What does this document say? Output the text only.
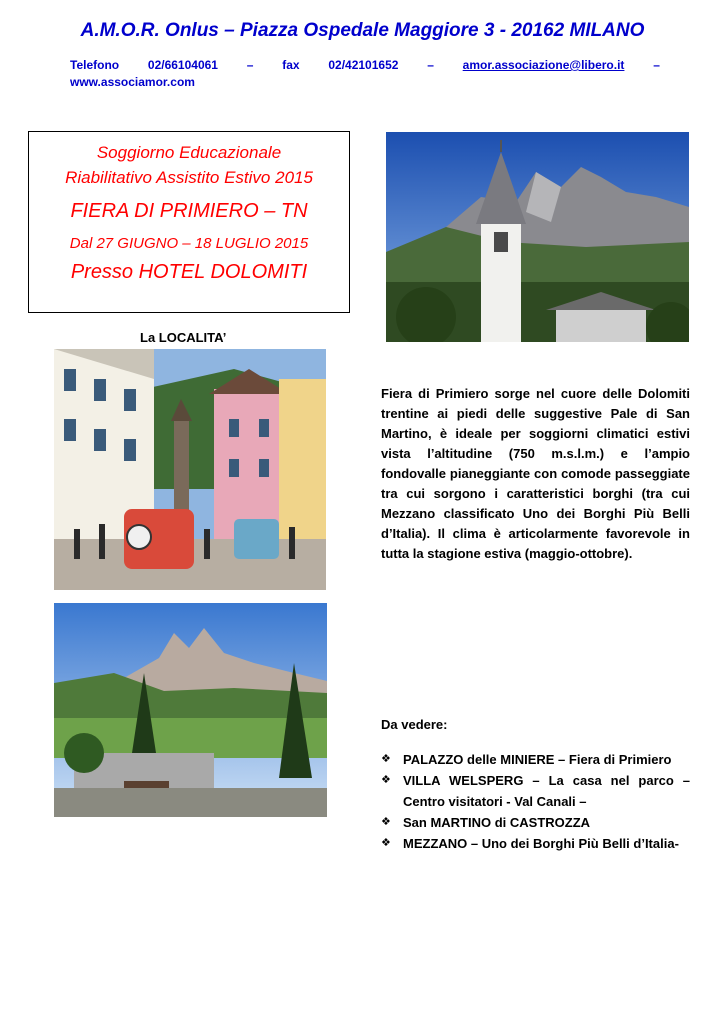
A.M.O.R. Onlus – Piazza Ospedale Maggiore 3 - 20162 MILANO
Telefono 02/66104061 – fax 02/42101652 – amor.associazione@libero.it –
www.associamor.com
Soggiorno Educazionale
Riabilitativo Assistito Estivo 2015
FIERA DI PRIMIERO – TN
Dal 27 GIUGNO – 18 LUGLIO 2015
Presso HOTEL DOLOMITI
La LOCALITA’
Fiera di Primiero sorge nel cuore delle Dolomiti trentine ai piedi delle suggestive Pale di San Martino, è ideale per soggiorni climatici estivi vista l’altitudine (750 m.s.l.m.) e l’ampio fondovalle pianeggiante con comode passeggiate tra cui sorgono i caratteristici borghi (tra cui Mezzano classificato Uno dei Borghi Più Belli d’Italia). Il clima è articolarmente favorevole in tutta la stagione estiva (maggio-ottobre).
Da vedere:
❖ PALAZZO delle MINIERE – Fiera di Primiero
❖ VILLA WELSPERG – La casa nel parco –Centro visitatori - Val Canali –
❖ San MARTINO di CASTROZZA
❖ MEZZANO – Uno dei Borghi Più Belli d’Italia-
